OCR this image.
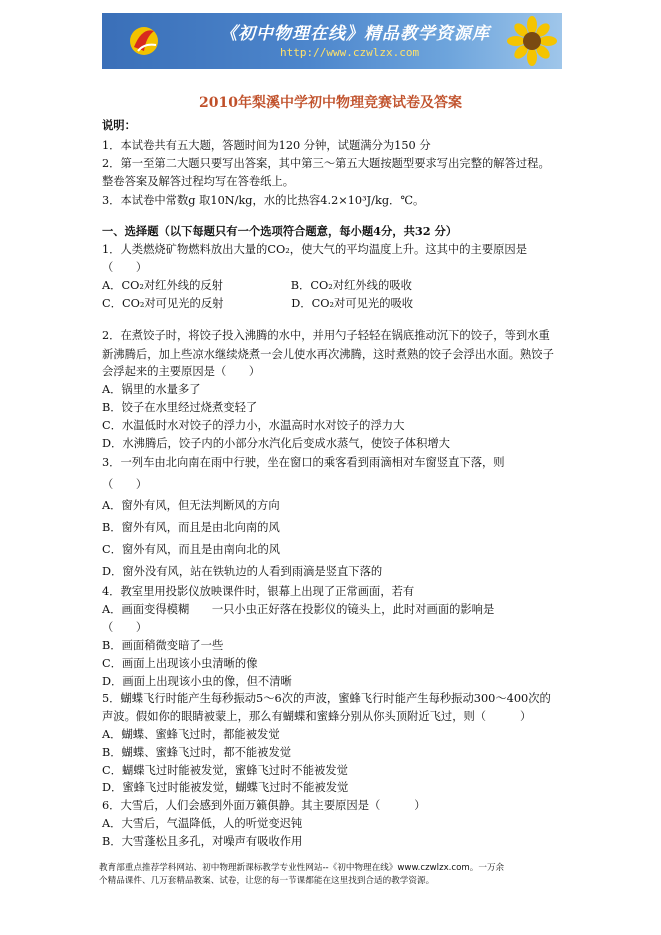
《初中物理在线》精品教学资源库
http://www.czwlzx.com
2010年梨溪中学初中物理竞赛试卷及答案
说明：
1．本试卷共有五大题，答题时间为120 分钟，试题满分为150 分
2．第一至第二大题只要写出答案，其中第三～第五大题按题型要求写出完整的解答过程。
整卷答案及解答过程均写在答卷纸上。
3．本试卷中常数g 取10N/kg，水的比热容4.2×10³J/kg．℃。
一、选择题（以下每题只有一个选项符合题意，每小题4分，共32 分）
1．人类燃烧矿物燃料放出大量的CO₂，使大气的平均温度上升。这其中的主要原因是
（　　）
A．CO₂对红外线的反射　　　　　　B．CO₂对红外线的吸收
C．CO₂对可见光的反射　　　　　　D．CO₂对可见光的吸收
2．在煮饺子时，将饺子投入沸腾的水中，并用勺子轻轻在锅底推动沉下的饺子，等到水重
新沸腾后，加上些凉水继续烧煮一会儿使水再次沸腾，这时煮熟的饺子会浮出水面。熟饺子
会浮起来的主要原因是（　　）
A．锅里的水量多了
B．饺子在水里经过烧煮变轻了
C．水温低时水对饺子的浮力小，水温高时水对饺子的浮力大
D．水沸腾后，饺子内的小部分水汽化后变成水蒸气，使饺子体积增大
3．一列车由北向南在雨中行驶，坐在窗口的乘客看到雨滴相对车窗竖直下落，则
（　　）
A．窗外有风，但无法判断风的方向
B．窗外有风，而且是由北向南的风
C．窗外有风，而且是由南向北的风
D．窗外没有风，站在铁轨边的人看到雨滴是竖直下落的
4．教室里用投影仪放映课件时，银幕上出现了正常画面，若有
A．画面变得模糊　　一只小虫正好落在投影仪的镜头上，此时对画面的影响是
（　　）
B．画面稍微变暗了一些
C．画面上出现该小虫清晰的像
D．画面上出现该小虫的像，但不清晰
5．蝴蝶飞行时能产生每秒振动5～6次的声波，蜜蜂飞行时能产生每秒振动300～400次的
声波。假如你的眼睛被蒙上，那么有蝴蝶和蜜蜂分别从你头顶附近飞过，则（　　　）
A．蝴蝶、蜜蜂飞过时，都能被发觉
B．蝴蝶、蜜蜂飞过时，都不能被发觉
C．蝴蝶飞过时能被发觉，蜜蜂飞过时不能被发觉
D．蜜蜂飞过时能被发觉，蝴蝶飞过时不能被发觉
6．大雪后，人们会感到外面万籁俱静。其主要原因是（　　　）
A．大雪后，气温降低，人的听觉变迟钝
B．大雪蓬松且多孔，对噪声有吸收作用
教育部重点推荐学科网站、初中物理新课标教学专业性网站--《初中物理在线》www.czwlzx.com。一万余
个精品课件、几万套精品教案、试卷，让您的每一节课都能在这里找到合适的教学资源。
